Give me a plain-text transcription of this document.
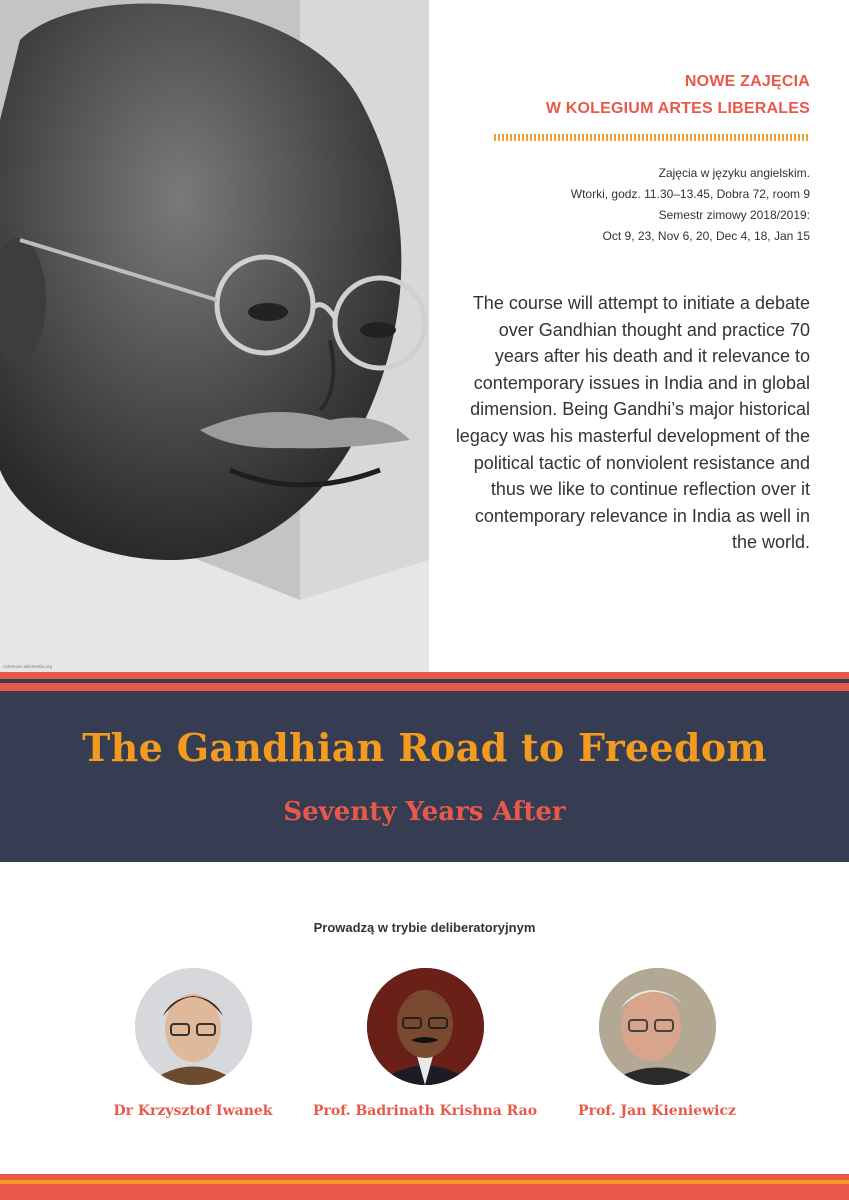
commons.wikimedia.org
NOWE ZAJĘCIA
W KOLEGIUM ARTES LIBERALES
Zajęcia w języku angielskim.
Wtorki, godz. 11.30–13.45, Dobra 72, room 9
Semestr zimowy 2018/2019:
Oct 9, 23, Nov 6, 20, Dec 4, 18, Jan 15
The course will attempt to initiate a debate over Gandhian thought and practice 70 years after his death and it relevance to contemporary issues in India and in global dimension. Being Gandhi’s major historical legacy was his masterful development of the political tactic of nonviolent resistance and thus we like to continue reflection over it contemporary relevance in India as well in the world.
The Gandhian Road to Freedom
Seventy Years After
Prowadzą w trybie deliberatoryjnym
Dr Krzysztof Iwanek	Prof. Badrinath Krishna Rao	Prof. Jan Kieniewicz
